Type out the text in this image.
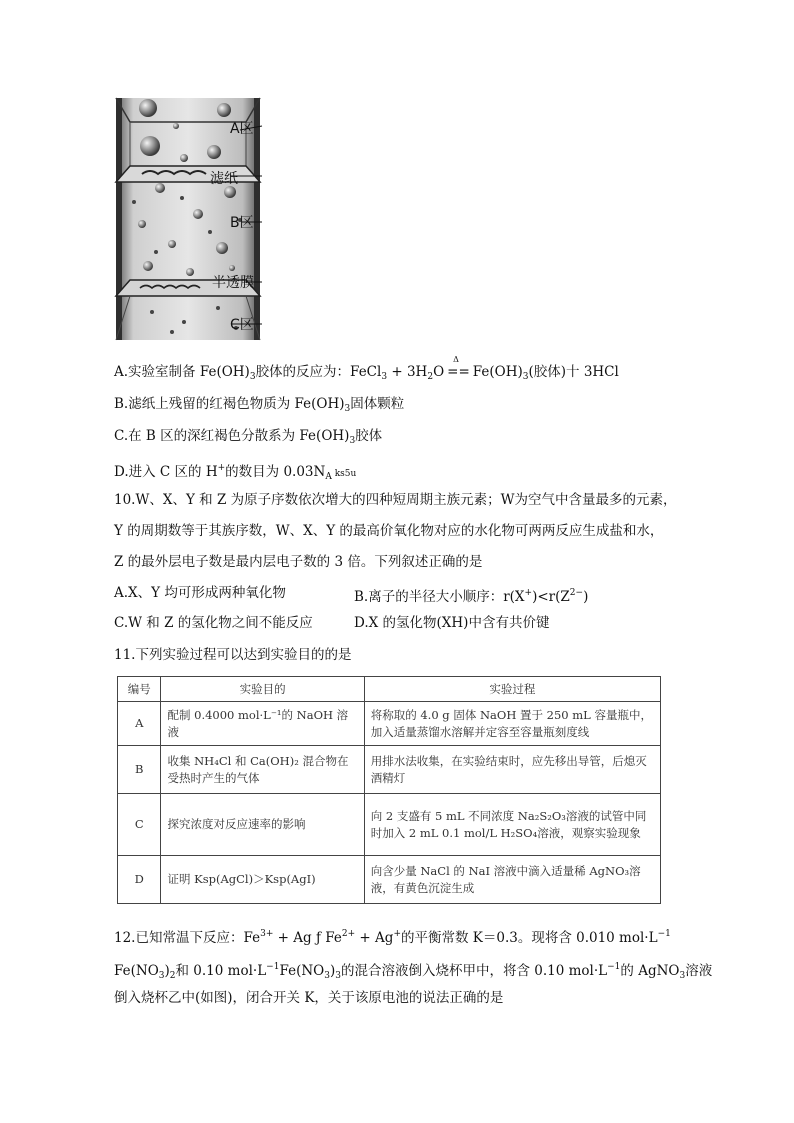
A区
滤纸
B区
半透膜
C区
A.实验室制备 $Fe(OH)_3$胶体的反应为：FeCl$_3$ + $3H_2O$
Δ
== $Fe(OH)_3$(胶体)十 3HCl
B.滤纸上残留的红褐色物质为 $Fe(OH)_3$固体颗粒
C.在 B 区的深红褐色分散系为 $Fe(OH)_3$胶体
D.进入 C 区的 H+的数目为 $0.03N_A$ ks5u
10.W、X、Y 和 Z 为原子序数依次增大的四种短周期主族元素；W为空气中含量最多的元素，
Y 的周期数等于其族序数，W、X、Y 的最高价氧化物对应的水化物可两两反应生成盐和水，
Z 的最外层电子数是最内层电子数的 3 倍。下列叙述正确的是
A.X、Y 均可形成两种氧化物	B.离子的半径大小顺序：$r(X^+)<r(Z^{2-})$
C.W 和 Z 的氢化物之间不能反应	D.X 的氢化物(XH)中含有共价键
11.下列实验过程可以达到实验目的的是
编号	实验目的	实验过程
A	配制 0.4000 mol·L⁻¹的 NaOH 溶液	将称取的 4.0 g 固体 NaOH 置于 250 mL 容量瓶中，加入适量蒸馏水溶解并定容至容量瓶刻度线
B	收集 NH₄Cl 和 Ca(OH)₂ 混合物在受热时产生的气体	用排水法收集，在实验结束时，应先移出导管，后熄灭酒精灯
C	探究浓度对反应速率的影响	向 2 支盛有 5 mL 不同浓度 Na₂S₂O₃溶液的试管中同时加入 2 mL 0.1 mol/L H₂SO₄溶液，观察实验现象
D	证明 Ksp(AgCl)＞Ksp(AgI)	向含少量 NaCl 的 NaI 溶液中滴入适量稀 AgNO₃溶液，有黄色沉淀生成
12.已知常温下反应：$Fe^{3+} + Ag$ ƒ $Fe^{2+} + Ag^+$的平衡常数 K＝0.3。现将含 0.010 $mol\cdot L^{-1}$
$Fe(NO_3)_2$和 0.10 $mol\cdot L^{-1}Fe(NO_3)_3$的混合溶液倒入烧杯甲中，将含 0.10 $mol\cdot L^{-1}$的 AgNO$_3$溶液
倒入烧杯乙中(如图)，闭合开关 K，关于该原电池的说法正确的是
